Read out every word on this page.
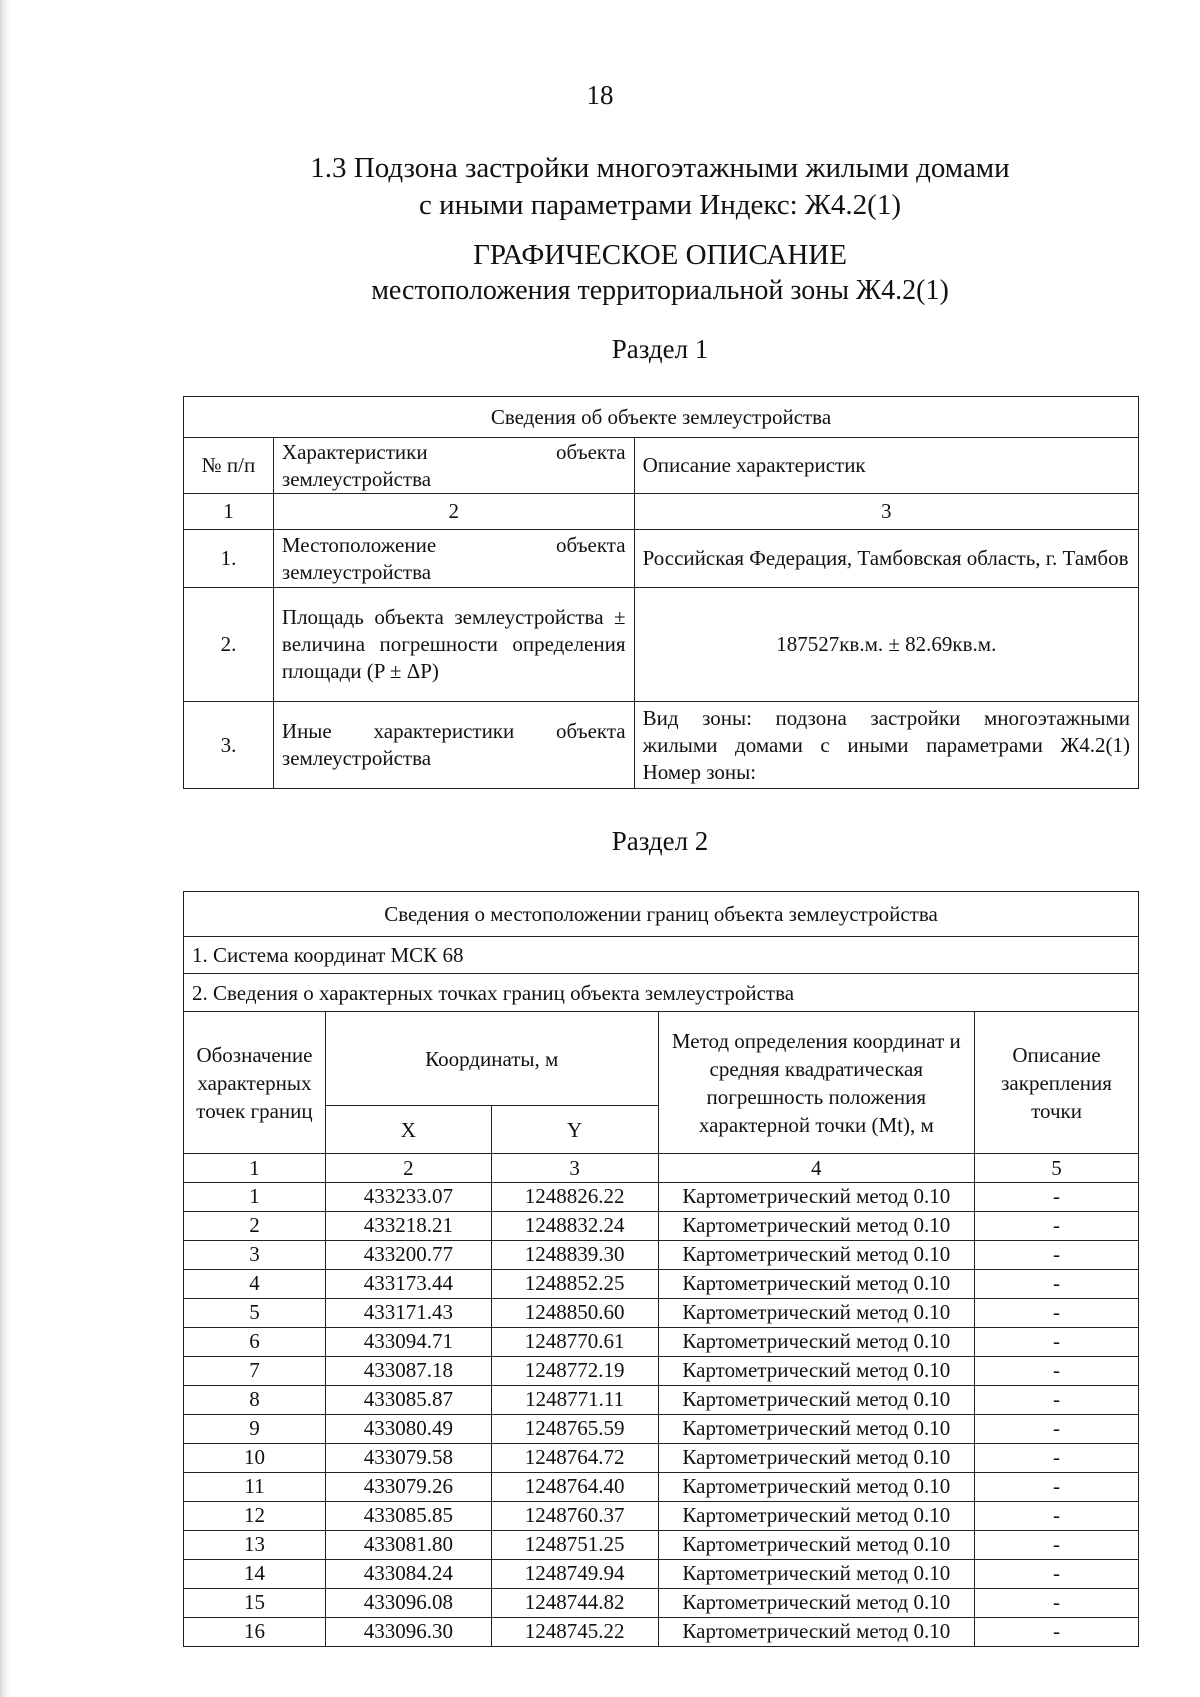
18
1.3 Подзона застройки многоэтажными жилыми домами
с иными параметрами Индекс: Ж4.2(1)
ГРАФИЧЕСКОЕ ОПИСАНИЕ
местоположения территориальной зоны Ж4.2(1)
Раздел 1
Сведения об объекте землеустройства		
№ п/п	Характеристики объекта землеустройства	Описание характеристик
1	2	3
1.	Местоположение объекта землеустройства	Российская Федерация, Тамбовская область, г. Тамбов
2.	Площадь объекта землеустройства ± величина погрешности определения площади (P ± ΔP)	187527кв.м. ± 82.69кв.м.
3.	Иные характеристики объекта землеустройства	Вид зоны: подзона застройки многоэтажными жилыми домами с иными параметрами Ж4.2(1) Номер зоны:
Раздел 2
Сведения о местоположении границ объекта землеустройства				
1. Система координат МСК 68				
2. Сведения о характерных точках границ объекта землеустройства				
Обозначение характерных точек границ	Координаты, м		Метод определения координат и средняя квадратическая погрешность положения характерной точки (Mt), м	Описание закрепления точки
	X	Y		
1	2	3	4	5
1	433233.07	1248826.22	Картометрический метод 0.10	-
2	433218.21	1248832.24	Картометрический метод 0.10	-
3	433200.77	1248839.30	Картометрический метод 0.10	-
4	433173.44	1248852.25	Картометрический метод 0.10	-
5	433171.43	1248850.60	Картометрический метод 0.10	-
6	433094.71	1248770.61	Картометрический метод 0.10	-
7	433087.18	1248772.19	Картометрический метод 0.10	-
8	433085.87	1248771.11	Картометрический метод 0.10	-
9	433080.49	1248765.59	Картометрический метод 0.10	-
10	433079.58	1248764.72	Картометрический метод 0.10	-
11	433079.26	1248764.40	Картометрический метод 0.10	-
12	433085.85	1248760.37	Картометрический метод 0.10	-
13	433081.80	1248751.25	Картометрический метод 0.10	-
14	433084.24	1248749.94	Картометрический метод 0.10	-
15	433096.08	1248744.82	Картометрический метод 0.10	-
16	433096.30	1248745.22	Картометрический метод 0.10	-
